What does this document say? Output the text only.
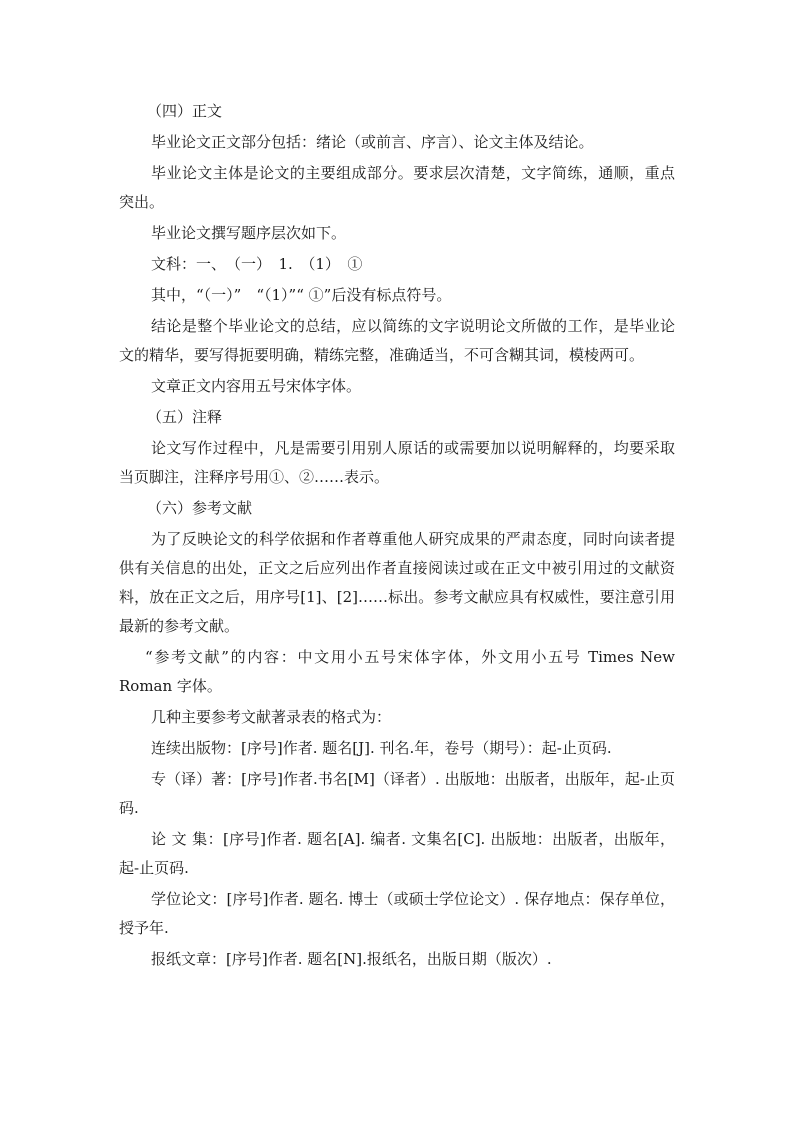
（四）正文

毕业论文正文部分包括：绪论（或前言、序言）、论文主体及结论。

毕业论文主体是论文的主要组成部分。要求层次清楚，文字简练，通顺，重点突出。

毕业论文撰写题序层次如下。

文科：一、　（一）　1.　（1）　①

其中，“（一）”　“（1）”“ ①”后没有标点符号。

结论是整个毕业论文的总结，应以简练的文字说明论文所做的工作，是毕业论文的精华，要写得扼要明确，精练完整，准确适当，不可含糊其词，模棱两可。

文章正文内容用五号宋体字体。

（五）注释

论文写作过程中，凡是需要引用别人原话的或需要加以说明解释的，均要采取当页脚注，注释序号用①、②……表示。

（六）参考文献

为了反映论文的科学依据和作者尊重他人研究成果的严肃态度，同时向读者提供有关信息的出处，正文之后应列出作者直接阅读过或在正文中被引用过的文献资料，放在正文之后，用序号[1]、[2]……标出。参考文献应具有权威性，要注意引用最新的参考文献。

“参考文献”的内容：中文用小五号宋体字体，外文用小五号 Times New Roman 字体。

几种主要参考文献著录表的格式为：

连续出版物：[序号]作者. 题名[J]. 刊名.年，卷号（期号）：起-止页码.

专（译）著：[序号]作者.书名[M]（译者）. 出版地：出版者，出版年，起-止页码.

论 文 集：[序号]作者. 题名[A]. 编者. 文集名[C]. 出版地：出版者，出版年，起-止页码.

学位论文：[序号]作者. 题名. 博士（或硕士学位论文）. 保存地点：保存单位，授予年.

报纸文章：[序号]作者. 题名[N].报纸名，出版日期（版次）.
